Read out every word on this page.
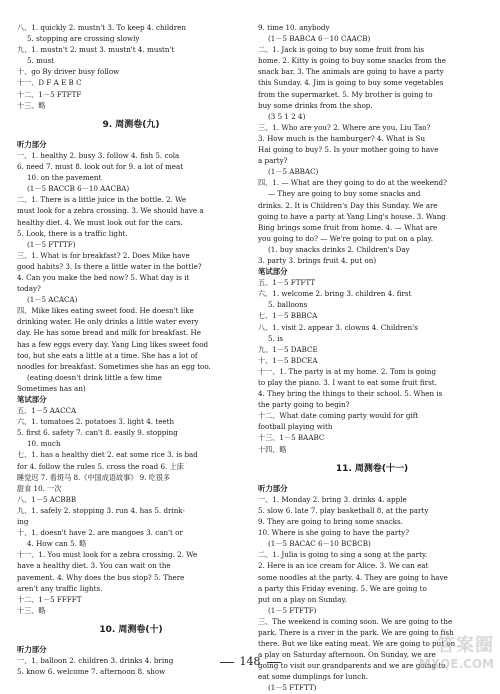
八、1. quickly 2. mustn't 3. To keep 4. children
5. stopping are crossing slowly
九、1. mustn't 2. must 3. mustn't 4. mustn't
5. must
十、go By driver busy follow
十一、D F A E B C
十二、1－5 FTFTF
十三、略
9. 周测卷(九)
听力部分
一、1. healthy 2. busy 3. follow 4. fish 5. cola
6. need 7. must 8. look out for 9. a lot of meat
10. on the pavement
(1－5 BACCB 6－10 AACBA)
二、1. There is a little juice in the bottle. 2. We
must look for a zebra crossing. 3. We should have a
healthy diet. 4. We must look out for the cars.
5. Look, there is a traffic light.
(1－5 FTTTF)
三、1. What is for breakfast? 2. Does Mike have
good habits? 3. Is there a little water in the bottle?
4. Can you make the bed now? 5. What day is it
today?
(1－5 ACACA)
四、Mike likes eating sweet food. He doesn't like
drinking water. He only drinks a little water every
day. He has some bread and milk for breakfast. He
has a few eggs every day. Yang Ling likes sweet food
too, but she eats a little at a time. She has a lot of
noodles for breakfast. Sometimes she has an egg too.
(eating doesn't drink little a few time
Sometimes has an)
笔试部分
五、1－5 AACCA
六、1. tomatoes 2. potatoes 3. light 4. teeth
5. first 6. safety 7. can't 8. easily 9. stopping
10. much
七、1. has a healthy diet 2. eat some rice 3. is bad
for 4. follow the rules 5. cross the road 6. 上床
睡觉迟 7. 看斑马 8.《中国成语故事》 9. 吃很多
甜食 10. 一次
八、1－5 ACBBB
九、1. safely 2. stopping 3. run 4. has 5. drink-
ing
十、1. doesn't have 2. are mangoes 3. can't or
4. How can 5. 略
十一、1. You must look for a zebra crossing. 2. We
have a healthy diet. 3. You can wait on the
pavement. 4. Why does the bus stop? 5. There
aren't any traffic lights.
十二、1－5 FFFFT
十三、略
10. 周测卷(十)
听力部分
一、1. balloon 2. children 3. drinks 4. bring
5. know 6. welcome 7. afternoon 8. show
9. time 10. anybody
(1－5 BABCA 6－10 CAACB)
二、1. Jack is going to buy some fruit from his
home. 2. Kitty is going to buy some snacks from the
snack bar. 3. The animals are going to have a party
this Sunday. 4. Jim is going to buy some vegetables
from the supermarket. 5. My brother is going to
buy some drinks from the shop.
(3 5 1 2 4)
三、1. Who are you? 2. Where are you, Liu Tao?
3. How much is the hamburger? 4. What is Su
Hai going to buy? 5. Is your mother going to have
a party?
(1－5 ABBAC)
四、1. — What are they going to do at the weekend?
— They are going to buy some snacks and
drinks. 2. It is Children's Day this Sunday. We are
going to have a party at Yang Ling's house. 3. Wang
Bing brings some fruit from home. 4. — What are
you going to do? — We're going to put on a play.
(1. buy snacks drinks 2. Children's Day
3. party 3. brings fruit 4. put on)
笔试部分
五、1－5 FTFTT
六、1. welcome 2. bring 3. children 4. first
5. balloons
七、1－5 BBBCA
八、1. visit 2. appear 3. clowns 4. Children's
5. is
九、1－5 DABCE
十、1－5 BDCEA
十一、1. The party is at my home. 2. Tom is going
to play the piano. 3. I want to eat some fruit first.
4. They bring the things to their school. 5. When is
the party going to begin?
十二、What date coming party would for gift
football playing with
十三、1－5 BAABC
十四、略
11. 周测卷(十一)
听力部分
一、1. Monday 2. bring 3. drinks 4. apple
5. slow 6. late 7. play basketball 8. at the party
9. They are going to bring some snacks.
10. Where is she going to have the party?
(1－5 BACAC 6－10 BCBCB)
二、1. Julia is going to sing a song at the party.
2. Here is an ice cream for Alice. 3. We can eat
some noodles at the party. 4. They are going to have
a party this Friday evening. 5. We are going to
put on a play on Sunday.
(1－5 FTFTF)
三、The weekend is coming soon. We are going to the
park. There is a river in the park. We are going to fish
there. But we like eating meat. We are going to put on
a play on Saturday afternoon. On Sunday, we are
going to visit our grandparents and we are going to
eat some dumplings for lunch.
(1－5 FTFTT)
148
答案圈
MXQE.COM
